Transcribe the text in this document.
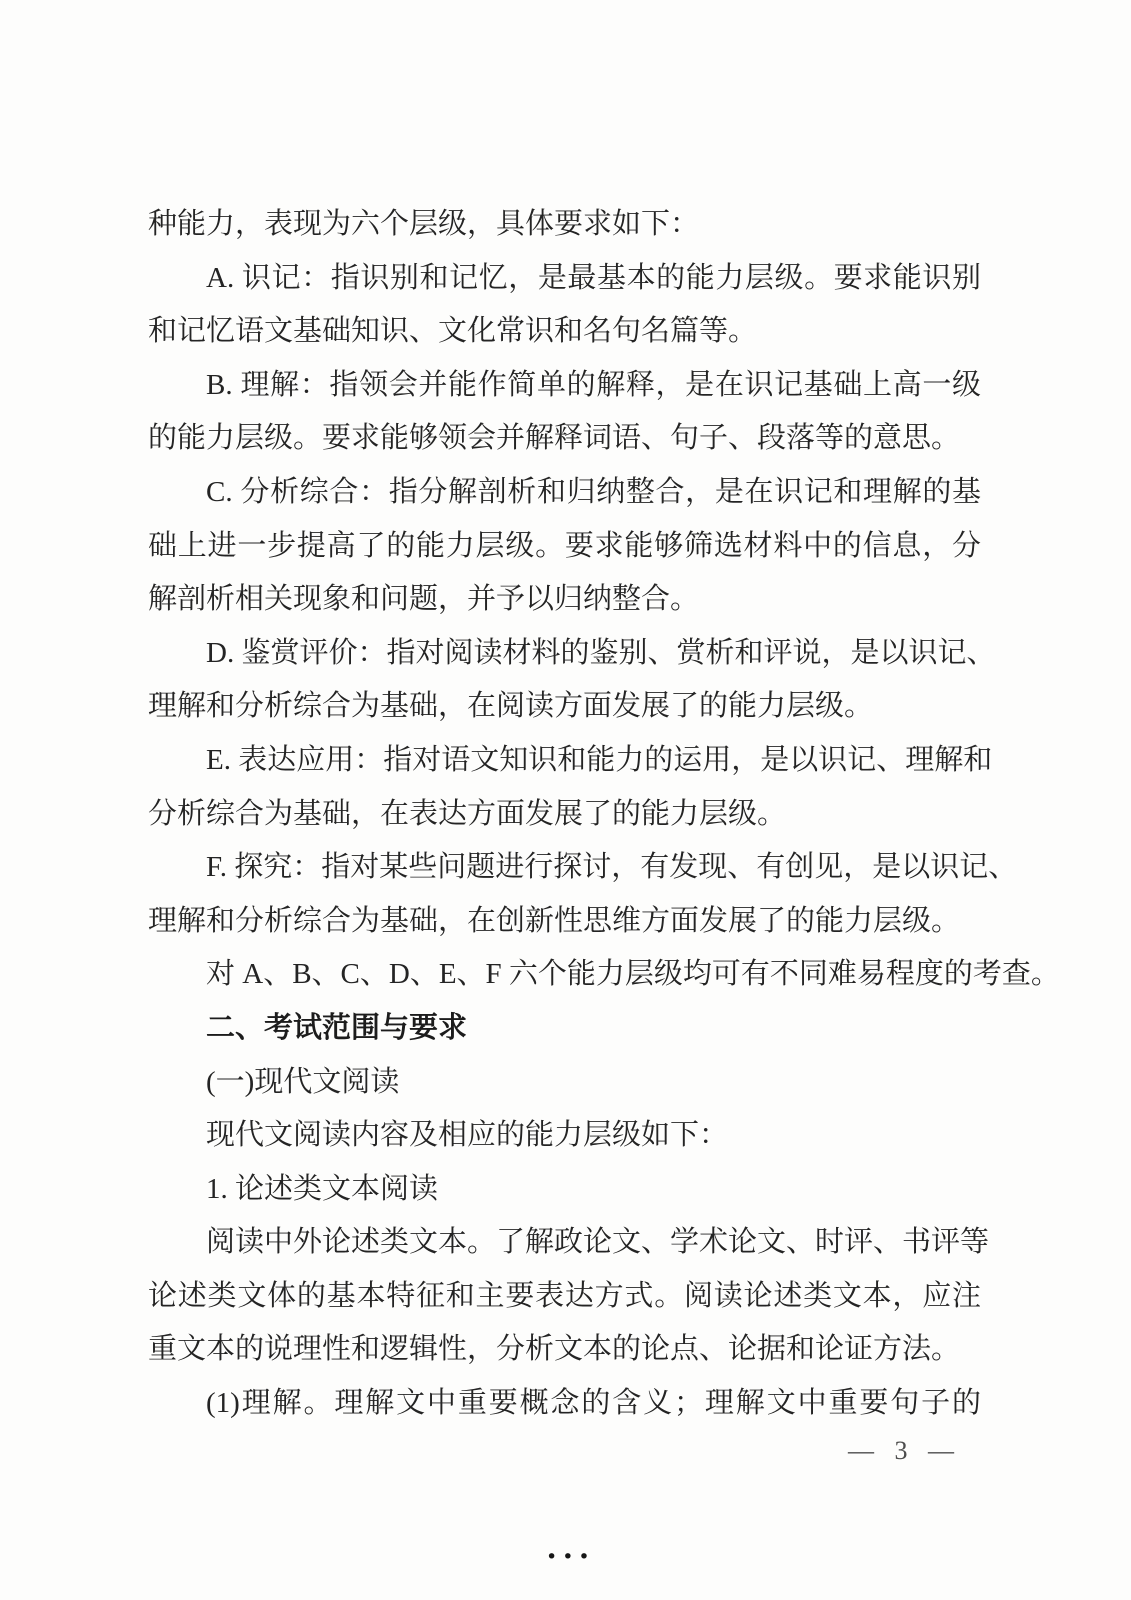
种能力，表现为六个层级，具体要求如下：
A. 识记：指识别和记忆，是最基本的能力层级。要求能识别
和记忆语文基础知识、文化常识和名句名篇等。
B. 理解：指领会并能作简单的解释，是在识记基础上高一级
的能力层级。要求能够领会并解释词语、句子、段落等的意思。
C. 分析综合：指分解剖析和归纳整合，是在识记和理解的基
础上进一步提高了的能力层级。要求能够筛选材料中的信息，分
解剖析相关现象和问题，并予以归纳整合。
D. 鉴赏评价：指对阅读材料的鉴别、赏析和评说，是以识记、
理解和分析综合为基础，在阅读方面发展了的能力层级。
E. 表达应用：指对语文知识和能力的运用，是以识记、理解和
分析综合为基础，在表达方面发展了的能力层级。
F. 探究：指对某些问题进行探讨，有发现、有创见，是以识记、
理解和分析综合为基础，在创新性思维方面发展了的能力层级。
对 A、B、C、D、E、F 六个能力层级均可有不同难易程度的考查。
二、考试范围与要求
(一)现代文阅读
现代文阅读内容及相应的能力层级如下：
1. 论述类文本阅读
阅读中外论述类文本。了解政论文、学术论文、时评、书评等
论述类文体的基本特征和主要表达方式。阅读论述类文本，应注
重文本的说理性和逻辑性，分析文本的论点、论据和论证方法。
(1)理解。理解文中重要概念的含义；理解文中重要句子的
— 3 —
•••
